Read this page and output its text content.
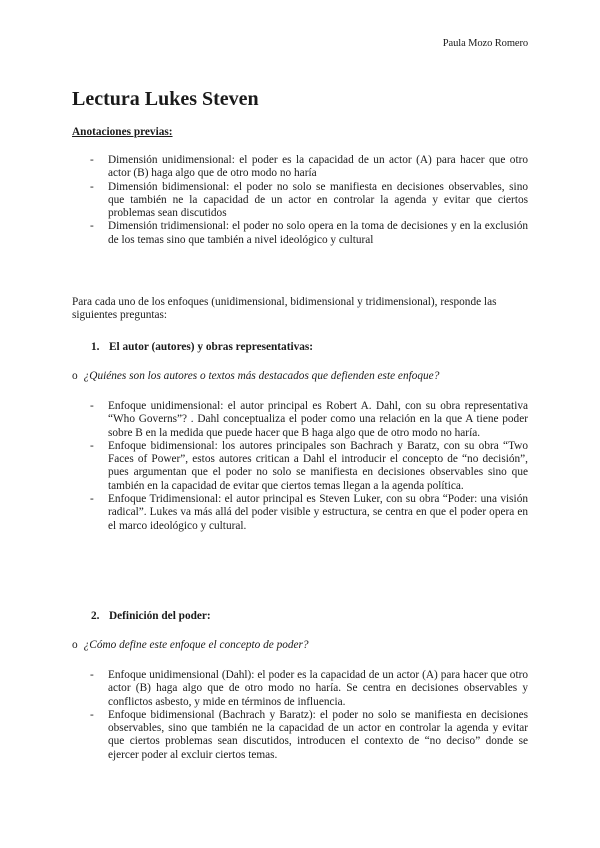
Paula Mozo Romero
Lectura Lukes Steven
Anotaciones previas:
- Dimensión unidimensional: el poder es la capacidad de un actor (A) para hacer que otro actor (B) haga algo que de otro modo no haría
- Dimensión bidimensional: el poder no solo se manifiesta en decisiones observables, sino que también ne la capacidad de un actor en controlar la agenda y evitar que ciertos problemas sean discutidos
- Dimensión tridimensional: el poder no solo opera en la toma de decisiones y en la exclusión de los temas sino que también a nivel ideológico y cultural

Para cada uno de los enfoques (unidimensional, bidimensional y tridimensional), responde las siguientes preguntas:

1. El autor (autores) y obras representativas:
o ¿Quiénes son los autores o textos más destacados que defienden este enfoque?
- Enfoque unidimensional: el autor principal es Robert A. Dahl, con su obra representativa “Who Governs”? . Dahl conceptualiza el poder como una relación en la que A tiene poder sobre B en la medida que puede hacer que B haga algo que de otro modo no haría.
- Enfoque bidimensional: los autores principales son Bachrach y Baratz, con su obra “Two Faces of Power”, estos autores critican a Dahl el introducir el concepto de “no decisión”, pues argumentan que el poder no solo se manifiesta en decisiones observables sino que también en la capacidad de evitar que ciertos temas llegan a la agenda política.
- Enfoque Tridimensional: el autor principal es Steven Luker, con su obra “Poder: una visión radical”. Lukes va más allá del poder visible y estructura, se centra en que el poder opera en el marco ideológico y cultural.
2. Definición del poder:
o ¿Cómo define este enfoque el concepto de poder?
- Enfoque unidimensional (Dahl): el poder es la capacidad de un actor (A) para hacer que otro actor (B) haga algo que de otro modo no haría. Se centra en decisiones observables y conflictos asbesto, y mide en términos de influencia.
- Enfoque bidimensional (Bachrach y Baratz): el poder no solo se manifiesta en decisiones observables, sino que también ne la capacidad de un actor en controlar la agenda y evitar que ciertos problemas sean discutidos, introducen el contexto de “no deciso” donde se ejercer poder al excluir ciertos temas.
